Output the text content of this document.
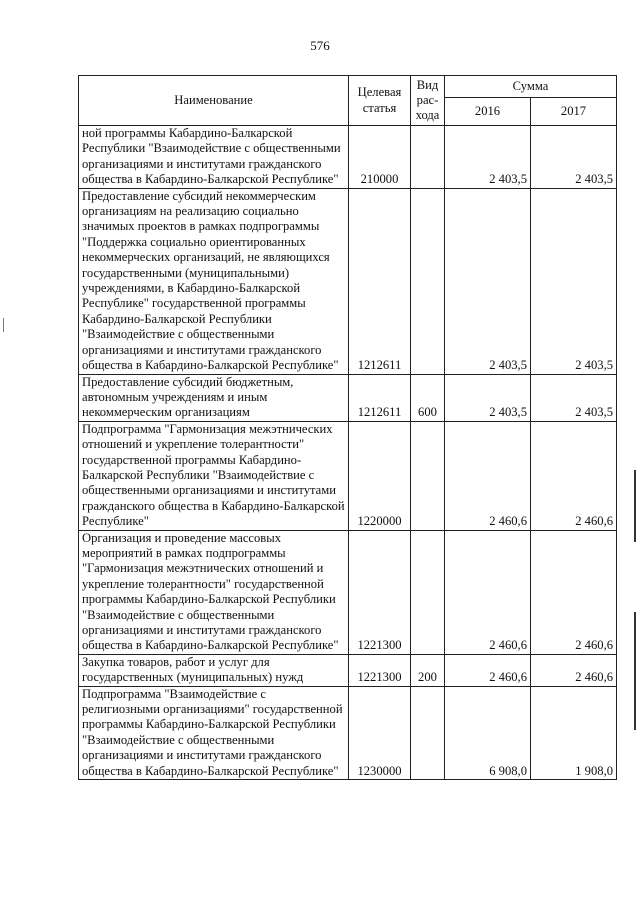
576
Наименование	Целевая статья	Вид рас-хода	Сумма	
			2016	2017
ной программы Кабардино-Балкарской Республики "Взаимодействие с общественными организациями и институтами гражданского общества в Кабардино-Балкарской Республике"	210000		2 403,5	2 403,5
Предоставление субсидий некоммерческим организациям на реализацию социально значимых проектов в рамках подпрограммы "Поддержка социально ориентированных некоммерческих организаций, не являющихся государственными (муниципальными) учреждениями, в Кабардино-Балкарской Республике" государственной программы Кабардино-Балкарской Республики "Взаимодействие с общественными организациями и институтами гражданского общества в Кабардино-Балкарской Республике"	1212611		2 403,5	2 403,5
Предоставление субсидий бюджетным, автономным учреждениям и иным некоммерческим организациям	1212611	600	2 403,5	2 403,5
Подпрограмма "Гармонизация межэтнических отношений и укрепление толерантности" государственной программы Кабардино-Балкарской Республики "Взаимодействие с общественными организациями и институтами гражданского общества в Кабардино-Балкарской Республике"	1220000		2 460,6	2 460,6
Организация и проведение массовых мероприятий в рамках подпрограммы "Гармонизация межэтнических отношений и укрепление толерантности" государственной программы Кабардино-Балкарской Республики "Взаимодействие с общественными организациями и институтами гражданского общества в Кабардино-Балкарской Республике"	1221300		2 460,6	2 460,6
Закупка товаров, работ и услуг для государственных (муниципальных) нужд	1221300	200	2 460,6	2 460,6
Подпрограмма "Взаимодействие с религиозными организациями" государственной программы Кабардино-Балкарской Республики "Взаимодействие с общественными организациями и институтами гражданского общества в Кабардино-Балкарской Республике"	1230000		6 908,0	1 908,0
